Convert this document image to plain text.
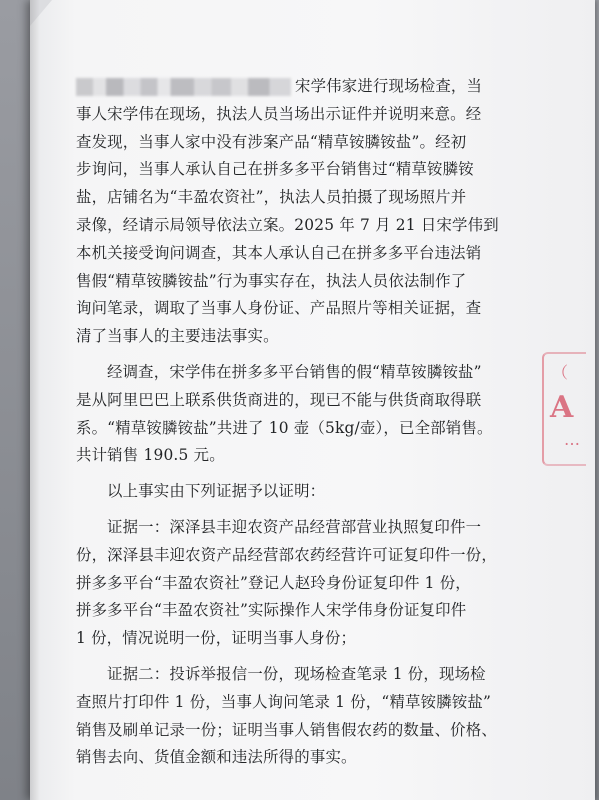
宋学伟家进行现场检查，当
事人宋学伟在现场，执法人员当场出示证件并说明来意。经
查发现，当事人家中没有涉案产品“精草铵膦铵盐”。经初
步询问，当事人承认自己在拼多多平台销售过“精草铵膦铵
盐，店铺名为“丰盈农资社”，执法人员拍摄了现场照片并
录像，经请示局领导依法立案。2025 年 7 月 21 日宋学伟到
本机关接受询问调查，其本人承认自己在拼多多平台违法销
售假“精草铵膦铵盐”行为事实存在，执法人员依法制作了
询问笔录，调取了当事人身份证、产品照片等相关证据，查
清了当事人的主要违法事实。
经调查，宋学伟在拼多多平台销售的假“精草铵膦铵盐”
是从阿里巴巴上联系供货商进的，现已不能与供货商取得联
系。“精草铵膦铵盐”共进了 10 壶（5kg/壶），已全部销售。
共计销售 190.5 元。
以上事实由下列证据予以证明：
证据一：深泽县丰迎农资产品经营部营业执照复印件一
份，深泽县丰迎农资产品经营部农药经营许可证复印件一份，
拼多多平台“丰盈农资社”登记人赵玲身份证复印件 1 份，
拼多多平台“丰盈农资社”实际操作人宋学伟身份证复印件
1 份，情况说明一份，证明当事人身份；
证据二：投诉举报信一份，现场检查笔录 1 份，现场检
查照片打印件 1 份，当事人询问笔录 1 份，“精草铵膦铵盐”
销售及刷单记录一份；证明当事人销售假农药的数量、价格、
销售去向、货值金额和违法所得的事实。
（
A
…
